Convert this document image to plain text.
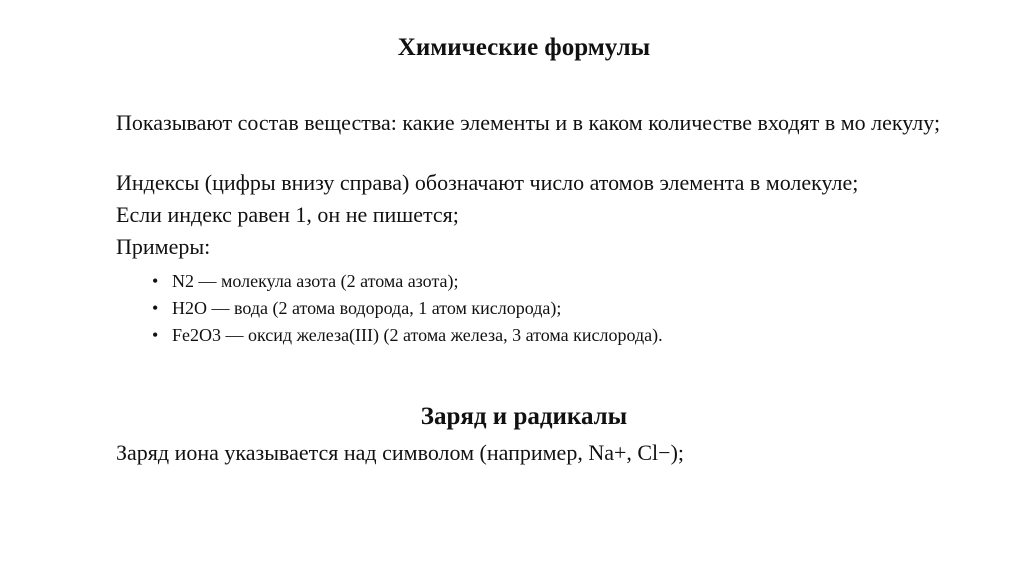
Химические формулы

Показывают состав вещества: какие элементы и в каком количестве входят в мо лекулу;

Индексы (цифры внизу справа) обозначают число атомов элемента в молекуле;

Если индекс равен 1, он не пишется;

Примеры:

• N2 — молекула азота (2 атома азота);
• H2O — вода (2 атома водорода, 1 атом кислорода);
• Fe2O3 — оксид железа(III) (2 атома железа, 3 атома кислорода).
Заряд и радикалы

Заряд иона указывается над символом (например, Na+, Cl−);
